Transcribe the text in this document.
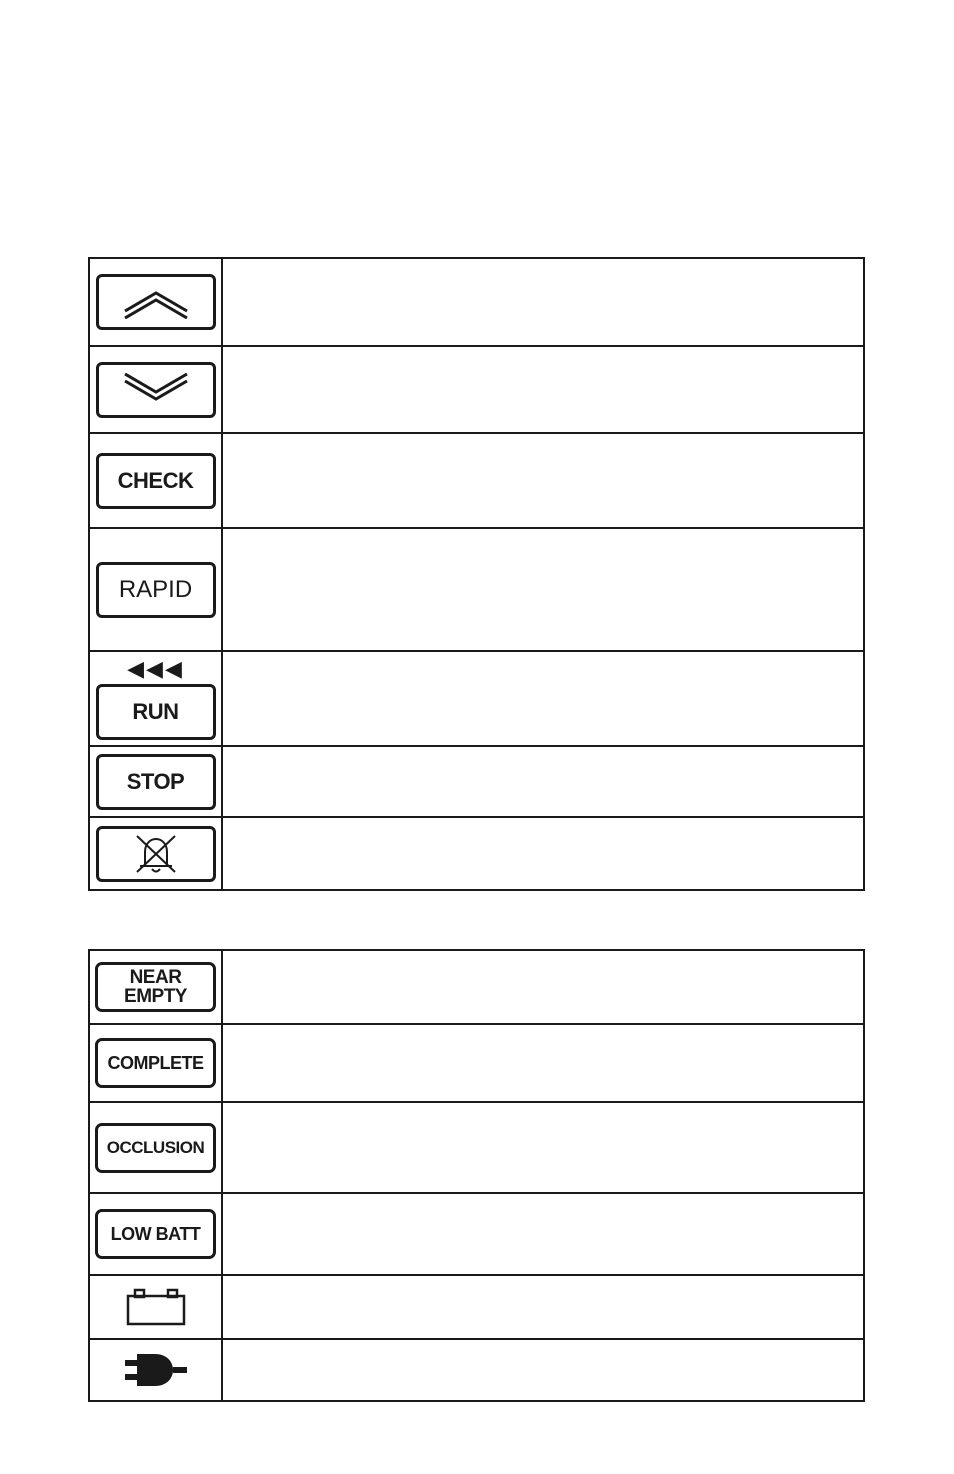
CHECK
RAPID
◀◀◀
RUN
STOP
NEAR
EMPTY
COMPLETE
OCCLUSION
LOW BATT
